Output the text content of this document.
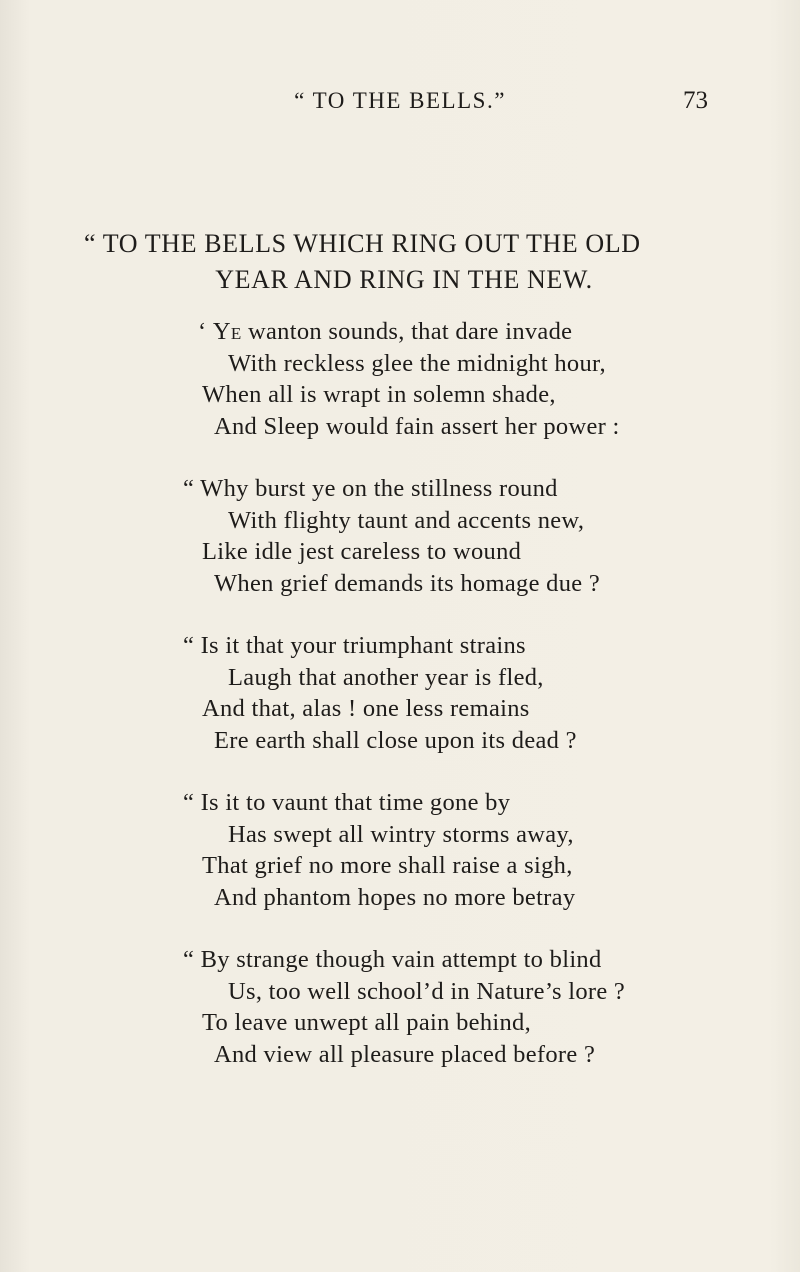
“ TO THE BELLS.”	73
“ TO THE BELLS WHICH RING OUT THE OLD
YEAR AND RING IN THE NEW.
‘ Ye wanton sounds, that dare invade
With reckless glee the midnight hour,
When all is wrapt in solemn shade,
And Sleep would fain assert her power :
“ Why burst ye on the stillness round
With flighty taunt and accents new,
Like idle jest careless to wound
When grief demands its homage due ?
“ Is it that your triumphant strains
Laugh that another year is fled,
And that, alas ! one less remains
Ere earth shall close upon its dead ?
“ Is it to vaunt that time gone by
Has swept all wintry storms away,
That grief no more shall raise a sigh,
And phantom hopes no more betray
“ By strange though vain attempt to blind
Us, too well school’d in Nature’s lore ?
To leave unwept all pain behind,
And view all pleasure placed before ?
